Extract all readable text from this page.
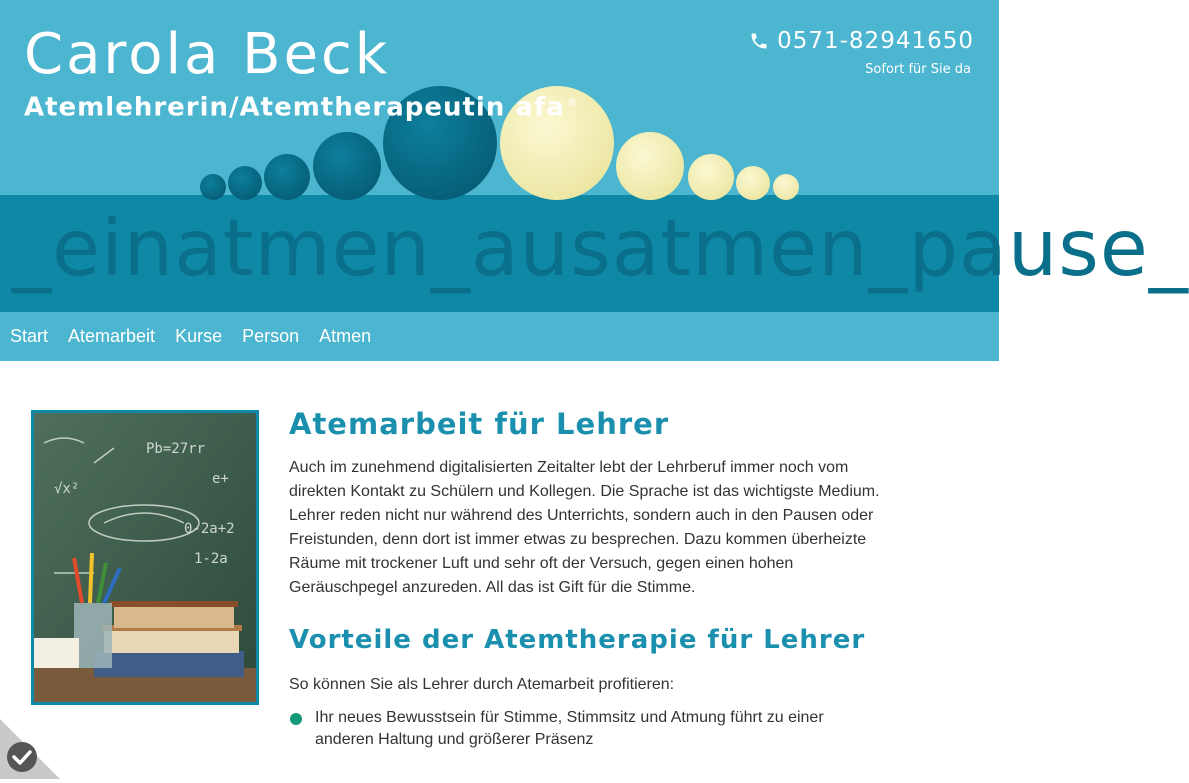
_einatmen_ausatmen_pause_
Carola Beck
Atemlehrerin/Atemtherapeutin afa ®
0571-82941650
Sofort für Sie da
Start Atemarbeit Kurse Person Atmen
Pb=27rr
e+
0-2a+2
1-2a
√x²
Atemarbeit für Lehrer

Auch im zunehmend digitalisierten Zeitalter lebt der Lehrberuf immer noch vom direkten Kontakt zu Schülern und Kollegen. Die Sprache ist das wichtigste Medium. Lehrer reden nicht nur während des Unterrichts, sondern auch in den Pausen oder Freistunden, denn dort ist immer etwas zu besprechen. Dazu kommen überheizte Räume mit trockener Luft und sehr oft der Versuch, gegen einen hohen Geräuschpegel anzureden. All das ist Gift für die Stimme.

Vorteile der Atemtherapie für Lehrer

So können Sie als Lehrer durch Atemarbeit profitieren:

Ihr neues Bewusstsein für Stimme, Stimmsitz und Atmung führt zu einer anderen Haltung und größerer Präsenz
